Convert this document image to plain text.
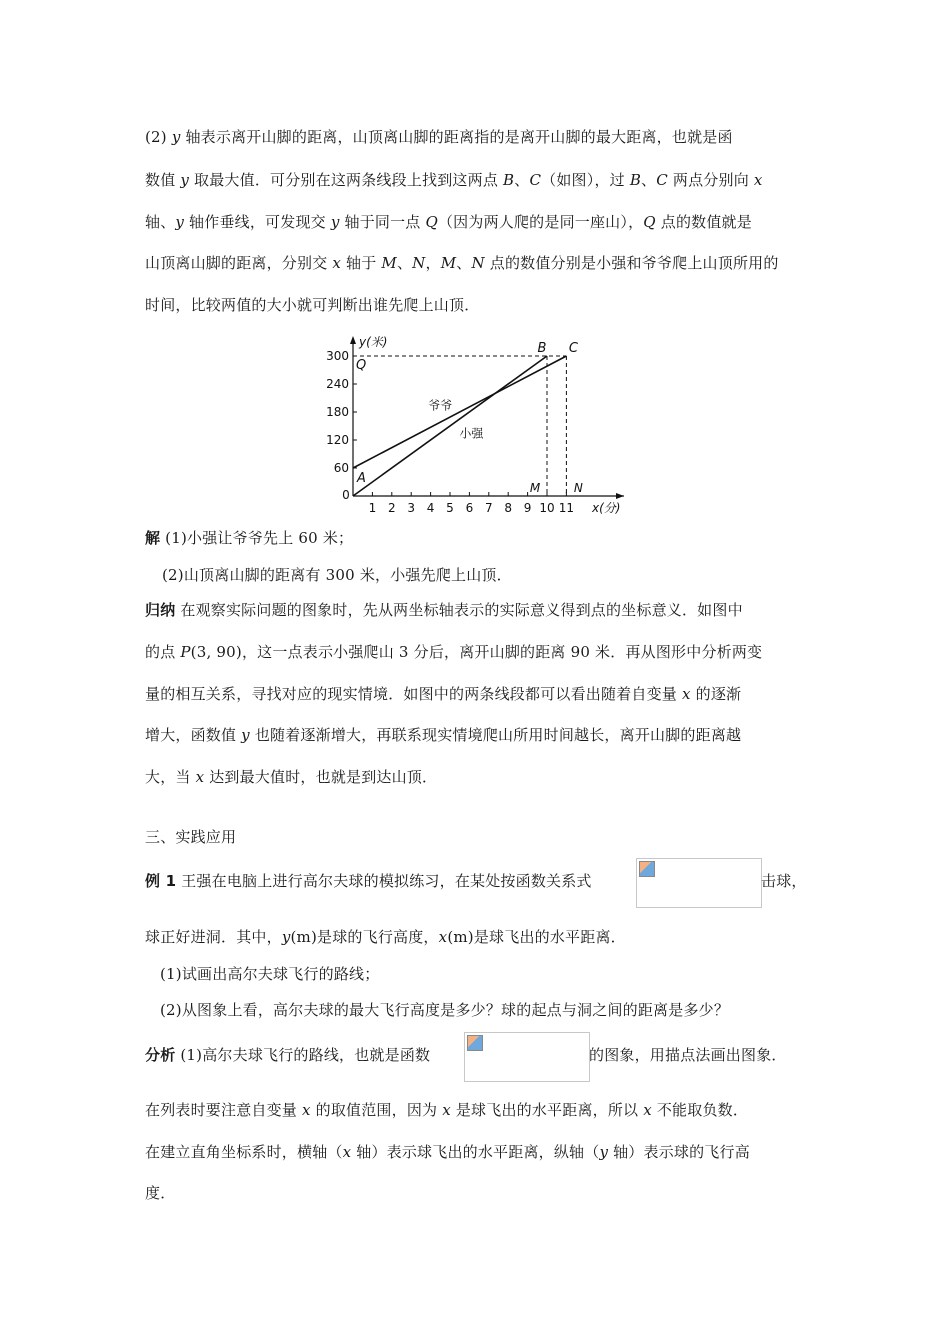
(2) y 轴表示离开山脚的距离，山顶离山脚的距离指的是离开山脚的最大距离，也就是函
数值 y 取最大值．可分别在这两条线段上找到这两点 B、C（如图），过 B、C 两点分别向 x
轴、y 轴作垂线，可发现交 y 轴于同一点 Q（因为两人爬的是同一座山），Q 点的数值就是
山顶离山脚的距离，分别交 x 轴于 M、N，M、N 点的数值分别是小强和爷爷爬上山顶所用的
时间，比较两值的大小就可判断出谁先爬上山顶．
1 2 3 4 5 6 7 8 9 10 11
60
120
180
240
300
0
y(米)
x(分)
A
B C
Q
M	N
爷爷
小强
解 (1)小强让爷爷先上 60 米；
(2)山顶离山脚的距离有 300 米，小强先爬上山顶．
归纳 在观察实际问题的图象时，先从两坐标轴表示的实际意义得到点的坐标意义．如图中
的点 P(3, 90)，这一点表示小强爬山 3 分后，离开山脚的距离 90 米．再从图形中分析两变
量的相互关系，寻找对应的现实情境．如图中的两条线段都可以看出随着自变量 x 的逐渐
增大，函数值 y 也随着逐渐增大，再联系现实情境爬山所用时间越长，离开山脚的距离越
大，当 x 达到最大值时，也就是到达山顶．
三、实践应用
例 1 王强在电脑上进行高尔夫球的模拟练习，在某处按函数关系式	击球，
球正好进洞．其中，y(m)是球的飞行高度，x(m)是球飞出的水平距离．
(1)试画出高尔夫球飞行的路线；
(2)从图象上看，高尔夫球的最大飞行高度是多少？球的起点与洞之间的距离是多少？
分析 (1)高尔夫球飞行的路线，也就是函数	的图象，用描点法画出图象．
在列表时要注意自变量 x 的取值范围，因为 x 是球飞出的水平距离，所以 x 不能取负数．
在建立直角坐标系时，横轴（x 轴）表示球飞出的水平距离，纵轴（y 轴）表示球的飞行高
度．
